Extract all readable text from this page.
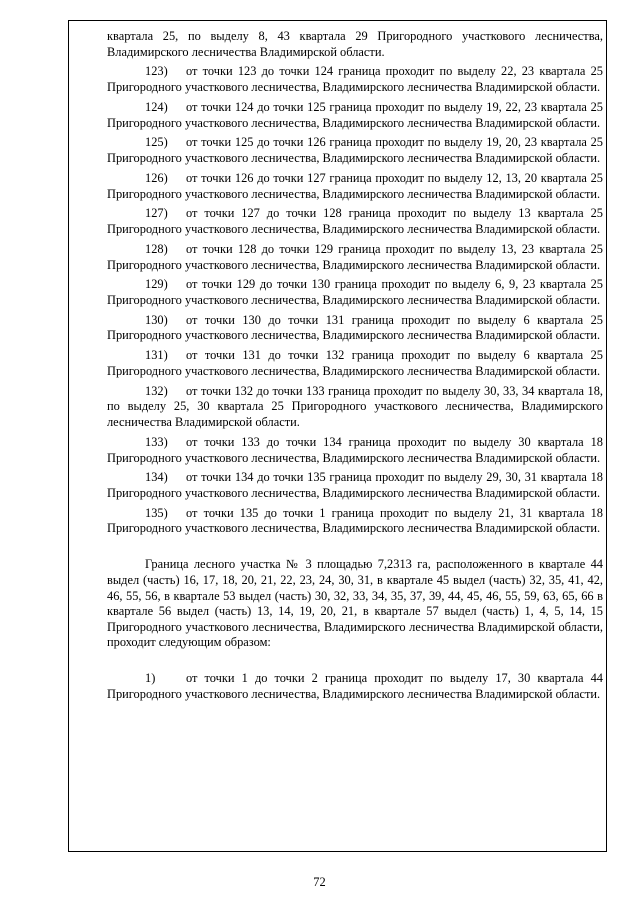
квартала 25, по выделу 8, 43 квартала 29 Пригородного участкового лесничества, Владимирского лесничества Владимирской области.

123) от точки 123 до точки 124 граница проходит по выделу 22, 23 квартала 25 Пригородного участкового лесничества, Владимирского лесничества Владимирской области.

124) от точки 124 до точки 125 граница проходит по выделу 19, 22, 23 квартала 25 Пригородного участкового лесничества, Владимирского лесничества Владимирской области.

125) от точки 125 до точки 126 граница проходит по выделу 19, 20, 23 квартала 25 Пригородного участкового лесничества, Владимирского лесничества Владимирской области.

126) от точки 126 до точки 127 граница проходит по выделу 12, 13, 20 квартала 25 Пригородного участкового лесничества, Владимирского лесничества Владимирской области.

127) от точки 127 до точки 128 граница проходит по выделу 13 квартала 25 Пригородного участкового лесничества, Владимирского лесничества Владимирской области.

128) от точки 128 до точки 129 граница проходит по выделу 13, 23 квартала 25 Пригородного участкового лесничества, Владимирского лесничества Владимирской области.

129) от точки 129 до точки 130 граница проходит по выделу 6, 9, 23 квартала 25 Пригородного участкового лесничества, Владимирского лесничества Владимирской области.

130) от точки 130 до точки 131 граница проходит по выделу 6 квартала 25 Пригородного участкового лесничества, Владимирского лесничества Владимирской области.

131) от точки 131 до точки 132 граница проходит по выделу 6 квартала 25 Пригородного участкового лесничества, Владимирского лесничества Владимирской области.

132) от точки 132 до точки 133 граница проходит по выделу 30, 33, 34 квартала 18, по выделу 25, 30 квартала 25 Пригородного участкового лесничества, Владимирского лесничества Владимирской области.

133) от точки 133 до точки 134 граница проходит по выделу 30 квартала 18 Пригородного участкового лесничества, Владимирского лесничества Владимирской области.

134) от точки 134 до точки 135 граница проходит по выделу 29, 30, 31 квартала 18 Пригородного участкового лесничества, Владимирского лесничества Владимирской области.

135) от точки 135 до точки 1 граница проходит по выделу 21, 31 квартала 18 Пригородного участкового лесничества, Владимирского лесничества Владимирской области.

Граница лесного участка № 3 площадью 7,2313 га, расположенного в квартале 44 выдел (часть) 16, 17, 18, 20, 21, 22, 23, 24, 30, 31, в квартале 45 выдел (часть) 32, 35, 41, 42, 46, 55, 56, в квартале 53 выдел (часть) 30, 32, 33, 34, 35, 37, 39, 44, 45, 46, 55, 59, 63, 65, 66 в квартале 56 выдел (часть) 13, 14, 19, 20, 21, в квартале 57 выдел (часть) 1, 4, 5, 14, 15 Пригородного участкового лесничества, Владимирского лесничества Владимирской области, проходит следующим образом:

1) от точки 1 до точки 2 граница проходит по выделу 17, 30 квартала 44 Пригородного участкового лесничества, Владимирского лесничества Владимирской области.

72
